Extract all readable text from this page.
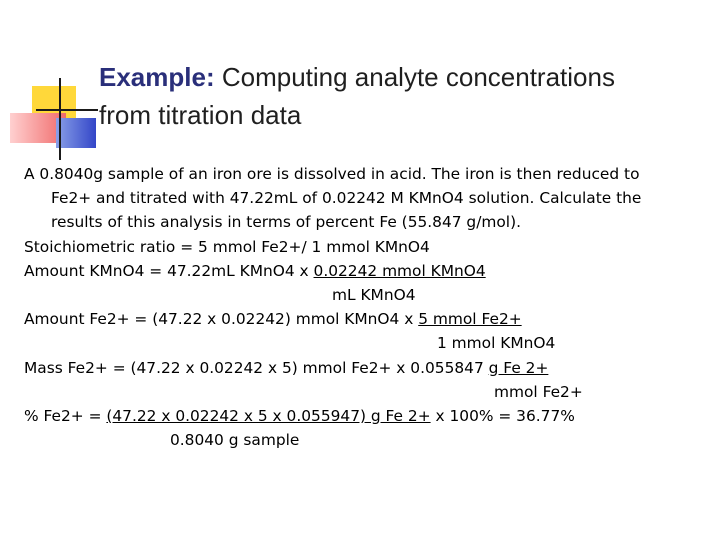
Example: Computing analyte concentrations
from titration data
A 0.8040g sample of an iron ore is dissolved in acid. The iron is then reduced to
Fe2+ and titrated with 47.22mL of 0.02242 M KMnO4 solution. Calculate the
results of this analysis in terms of percent Fe (55.847 g/mol).
Stoichiometric ratio = 5 mmol Fe2+/ 1 mmol KMnO4
Amount KMnO4 = 47.22mL KMnO4 x 0.02242 mmol KMnO4
mL KMnO4
Amount Fe2+ = (47.22 x 0.02242) mmol KMnO4 x 5 mmol Fe2+
1 mmol KMnO4
Mass Fe2+ = (47.22 x 0.02242 x 5) mmol Fe2+ x 0.055847 g Fe 2+
mmol Fe2+
% Fe2+ = (47.22 x 0.02242 x 5 x 0.055947) g Fe 2+ x 100% = 36.77%
0.8040 g sample
